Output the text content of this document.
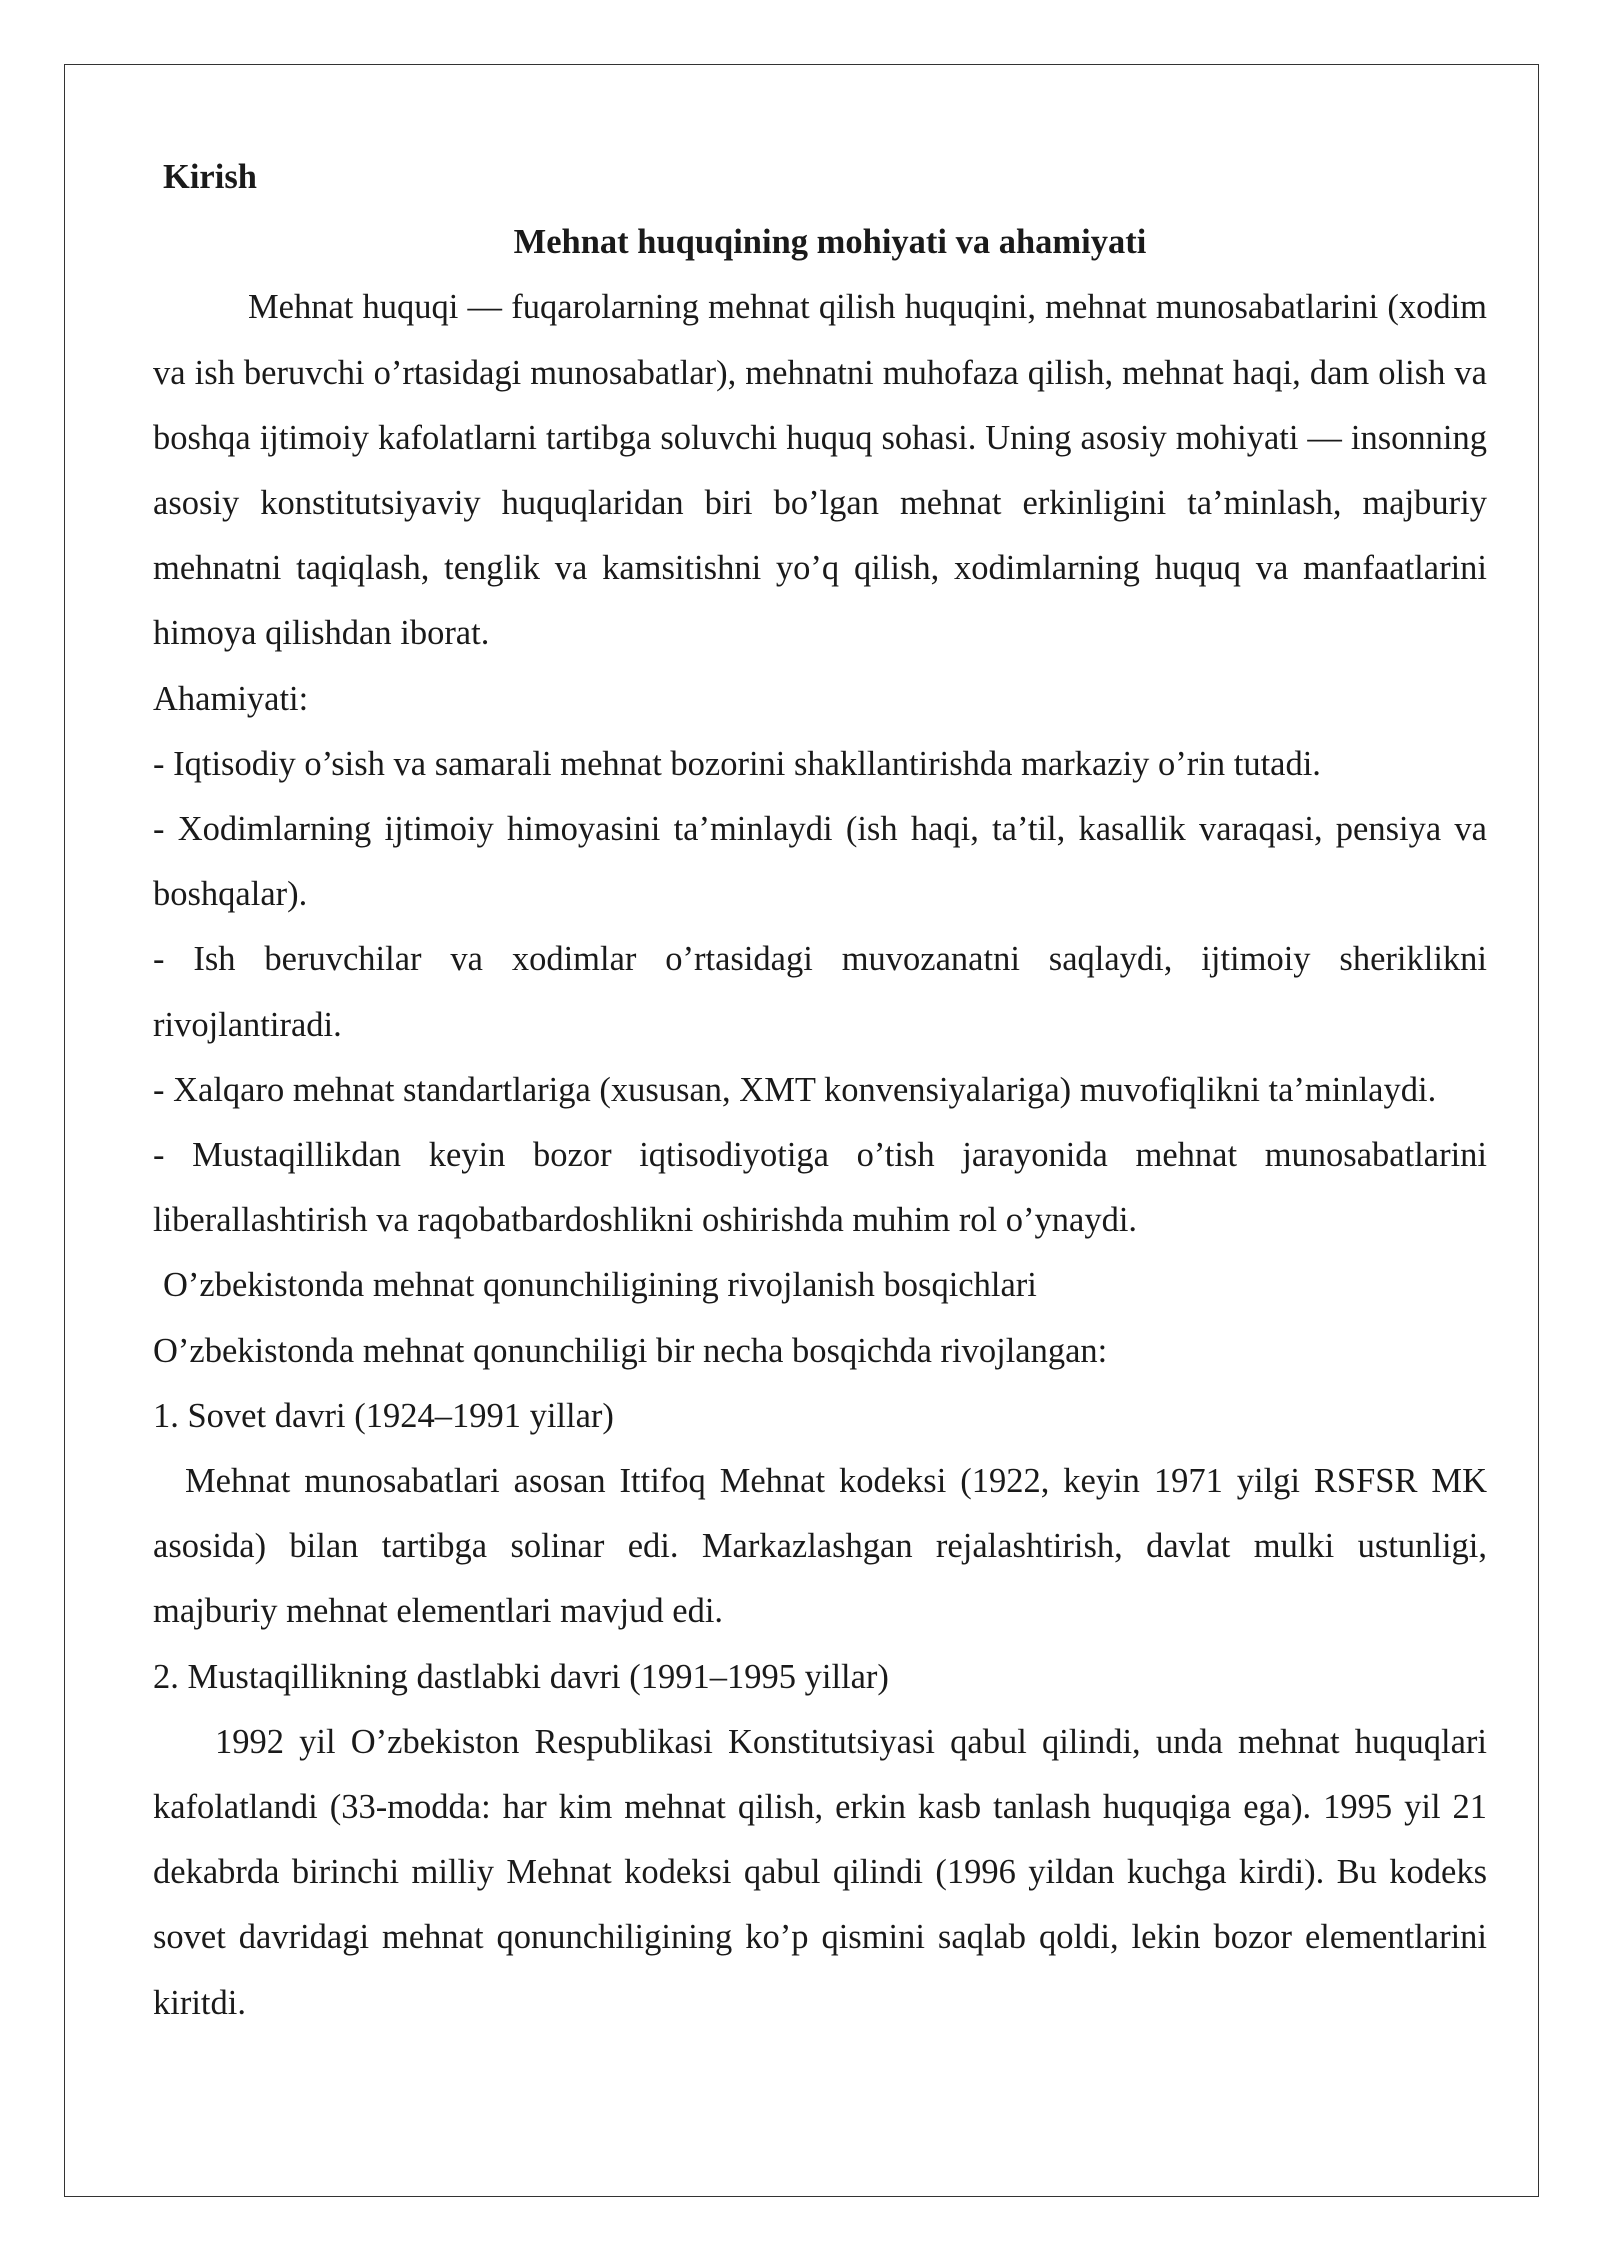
Kirish

Mehnat huquqining mohiyati va ahamiyati

Mehnat huquqi — fuqarolarning mehnat qilish huquqini, mehnat munosabatlarini (xodim va ish beruvchi o’rtasidagi munosabatlar), mehnatni muhofaza qilish, mehnat haqi, dam olish va boshqa ijtimoiy kafolatlarni tartibga soluvchi huquq sohasi. Uning asosiy mohiyati — insonning asosiy konstitutsiyaviy huquqlaridan biri bo’lgan mehnat erkinligini ta’minlash, majburiy mehnatni taqiqlash, tenglik va kamsitishni yo’q qilish, xodimlarning huquq va manfaatlarini himoya qilishdan iborat.

Ahamiyati:

- Iqtisodiy o’sish va samarali mehnat bozorini shakllantirishda markaziy o’rin tutadi.

- Xodimlarning ijtimoiy himoyasini ta’minlaydi (ish haqi, ta’til, kasallik varaqasi, pensiya va boshqalar).

- Ish beruvchilar va xodimlar o’rtasidagi muvozanatni saqlaydi, ijtimoiy sheriklikni rivojlantiradi.

- Xalqaro mehnat standartlariga (xususan, XMT konvensiyalariga) muvofiqlikni ta’minlaydi.

- Mustaqillikdan keyin bozor iqtisodiyotiga o’tish jarayonida mehnat munosabatlarini liberallashtirish va raqobatbardoshlikni oshirishda muhim rol o’ynaydi.

O’zbekistonda mehnat qonunchiligining rivojlanish bosqichlari

O’zbekistonda mehnat qonunchiligi bir necha bosqichda rivojlangan:

1. Sovet davri (1924–1991 yillar)

Mehnat munosabatlari asosan Ittifoq Mehnat kodeksi (1922, keyin 1971 yilgi RSFSR MK asosida) bilan tartibga solinar edi. Markazlashgan rejalashtirish, davlat mulki ustunligi, majburiy mehnat elementlari mavjud edi.

2. Mustaqillikning dastlabki davri (1991–1995 yillar)

1992 yil O’zbekiston Respublikasi Konstitutsiyasi qabul qilindi, unda mehnat huquqlari kafolatlandi (33-modda: har kim mehnat qilish, erkin kasb tanlash huquqiga ega). 1995 yil 21 dekabrda birinchi milliy Mehnat kodeksi qabul qilindi (1996 yildan kuchga kirdi). Bu kodeks sovet davridagi mehnat qonunchiligining ko’p qismini saqlab qoldi, lekin bozor elementlarini kiritdi.
